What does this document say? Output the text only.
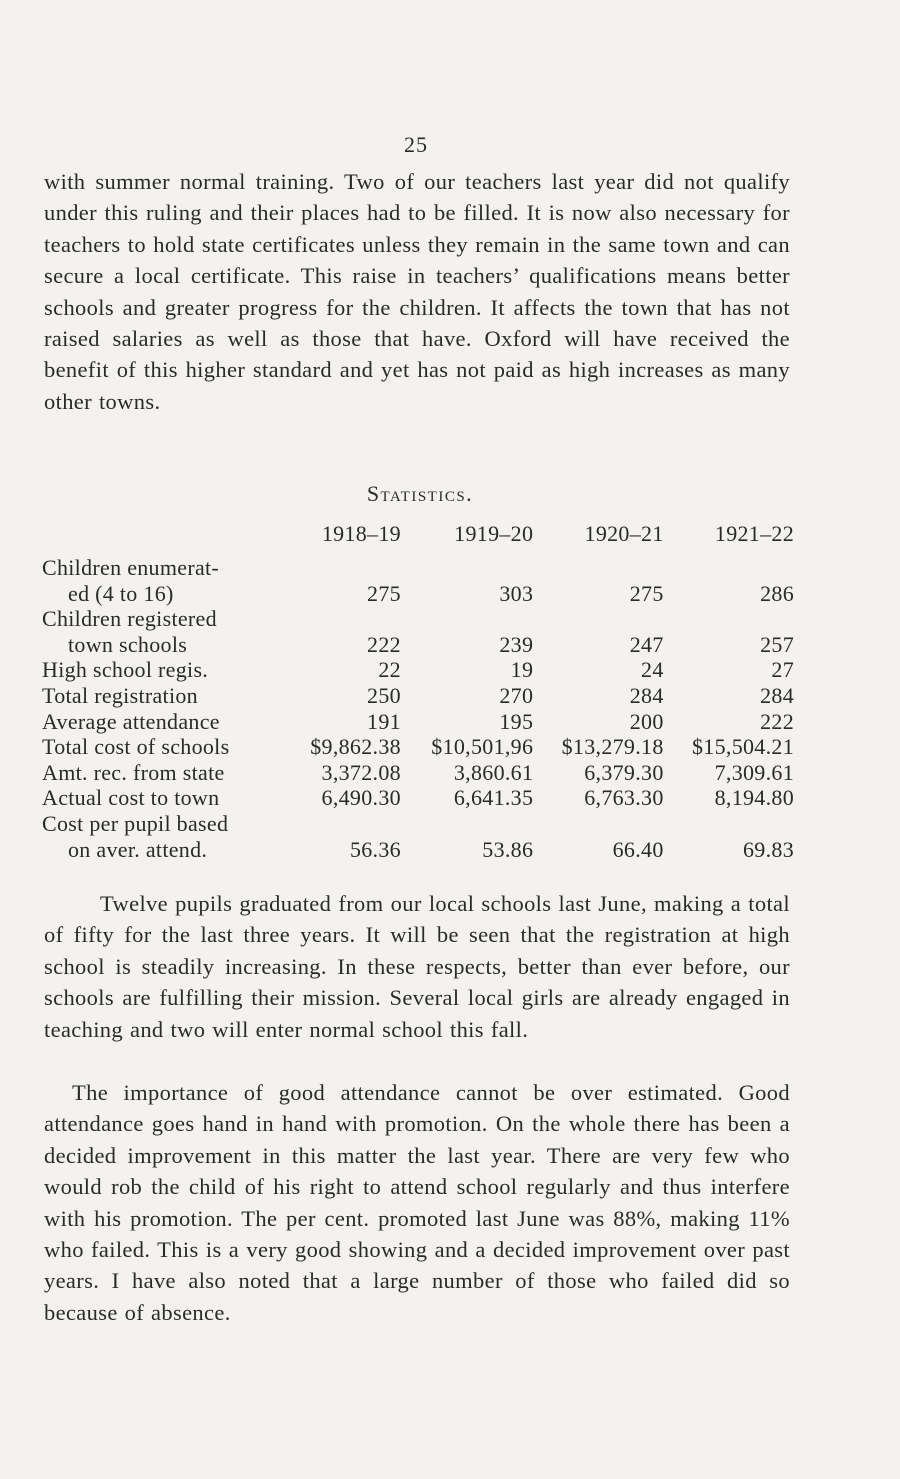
25

with summer normal training. Two of our teachers last year did not qualify under this ruling and their places had to be filled. It is now also necessary for teachers to hold state certificates unless they remain in the same town and can secure a local certificate. This raise in teachers’ qualifications means better schools and greater progress for the children. It affects the town that has not raised salaries as well as those that have. Oxford will have received the benefit of this higher standard and yet has not paid as high increases as many other towns.

Statistics.
	1918–19	1919–20	1920–21	1921–22

Children enumerat-
ed (4 to 16)	275	303	275	286

Children registered
town schools	222	239	247	257
High school regis.	22	19	24	27
Total registration	250	270	284	284
Average attendance	191	195	200	222
Total cost of schools	$9,862.38	$10,501,96	$13,279.18	$15,504.21
Amt. rec. from state	3,372.08	3,860.61	6,379.30	7,309.61
Actual cost to town	6,490.30	6,641.35	6,763.30	8,194.80

Cost per pupil based
on aver. attend.	56.36	53.86	66.40	69.83

Twelve pupils graduated from our local schools last June, making a total of fifty for the last three years. It will be seen that the registration at high school is steadily increasing. In these respects, better than ever before, our schools are fulfilling their mission. Several local girls are already engaged in teaching and two will enter normal school this fall.

The importance of good attendance cannot be over estimated. Good attendance goes hand in hand with promotion. On the whole there has been a decided improvement in this matter the last year. There are very few who would rob the child of his right to attend school regularly and thus interfere with his promotion. The per cent. promoted last June was 88%, making 11% who failed. This is a very good showing and a decided improvement over past years. I have also noted that a large number of those who failed did so because of absence.
